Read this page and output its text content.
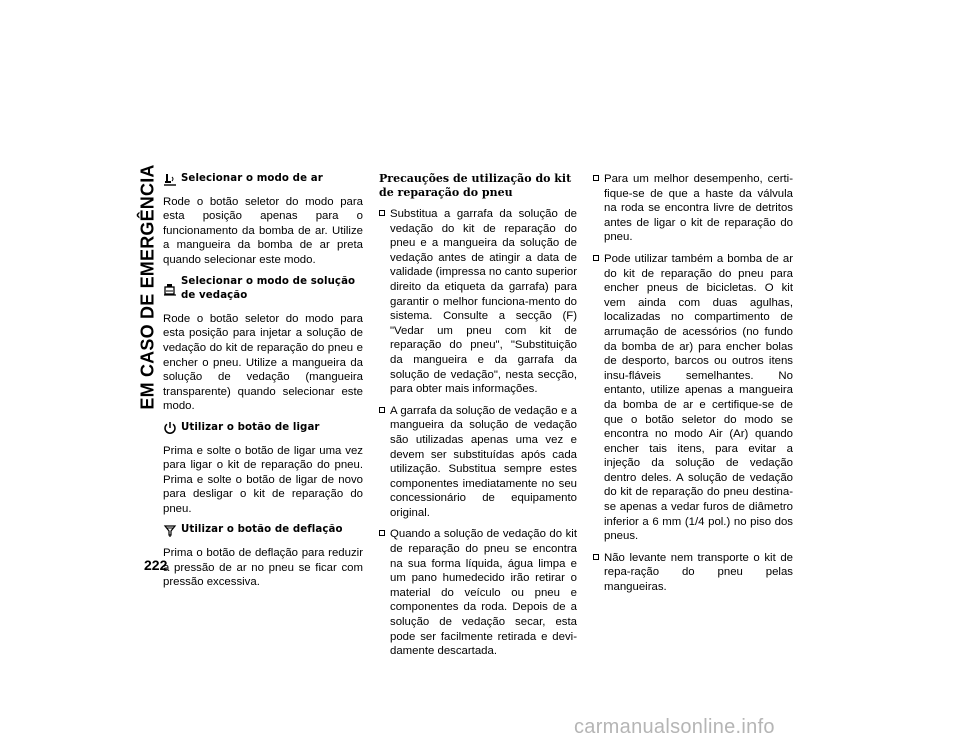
EM CASO DE EMERGÊNCIA
222
Selecionar o modo de ar

Rode o botão seletor do modo para esta posição apenas para o funcionamento da bomba de ar. Utilize a mangueira da bomba de ar preta quando selecionar este modo.

Selecionar o modo de solução de vedação

Rode o botão seletor do modo para esta posição para injetar a solução de vedação do kit de reparação do pneu e encher o pneu. Utilize a mangueira da solução de vedação (mangueira transparente) quando selecionar este modo.

Utilizar o botão de ligar

Prima e solte o botão de ligar uma vez para ligar o kit de reparação do pneu. Prima e solte o botão de ligar de novo para desligar o kit de reparação do pneu.

Utilizar o botão de deflação

Prima o botão de deflação para reduzir a pressão de ar no pneu se ficar com pressão excessiva.

Precauções de utilização do kit de reparação do pneu
Substitua a garrafa da solução de vedação do kit de reparação do pneu e a mangueira da solução de vedação antes de atingir a data de validade (impressa no canto superior direito da etiqueta da garrafa) para garantir o melhor funciona-mento do sistema. Consulte a secção (F) "Vedar um pneu com kit de reparação do pneu", "Substituição da mangueira e da garrafa da solução de vedação", nesta secção, para obter mais informações.
A garrafa da solução de vedação e a mangueira da solução de vedação são utilizadas apenas uma vez e devem ser substituídas após cada utilização. Substitua sempre estes componentes imediatamente no seu concessionário de equipamento original.
Quando a solução de vedação do kit de reparação do pneu se encontra na sua forma líquida, água limpa e um pano humedecido irão retirar o material do veículo ou pneu e componentes da roda. Depois de a solução de vedação secar, esta pode ser facilmente retirada e devi-damente descartada.
Para um melhor desempenho, certi-fique-se de que a haste da válvula na roda se encontra livre de detritos antes de ligar o kit de reparação do pneu.
Pode utilizar também a bomba de ar do kit de reparação do pneu para encher pneus de bicicletas. O kit vem ainda com duas agulhas, localizadas no compartimento de arrumação de acessórios (no fundo da bomba de ar) para encher bolas de desporto, barcos ou outros itens insu-fláveis semelhantes. No entanto, utilize apenas a mangueira da bomba de ar e certifique-se de que o botão seletor do modo se encontra no modo Air (Ar) quando encher tais itens, para evitar a injeção da solução de vedação dentro deles. A solução de vedação do kit de reparação do pneu destina-se apenas a vedar furos de diâmetro inferior a 6 mm (1/4 pol.) no piso dos pneus.
Não levante nem transporte o kit de repa-ração do pneu pelas mangueiras.
carmanualsonline.info
